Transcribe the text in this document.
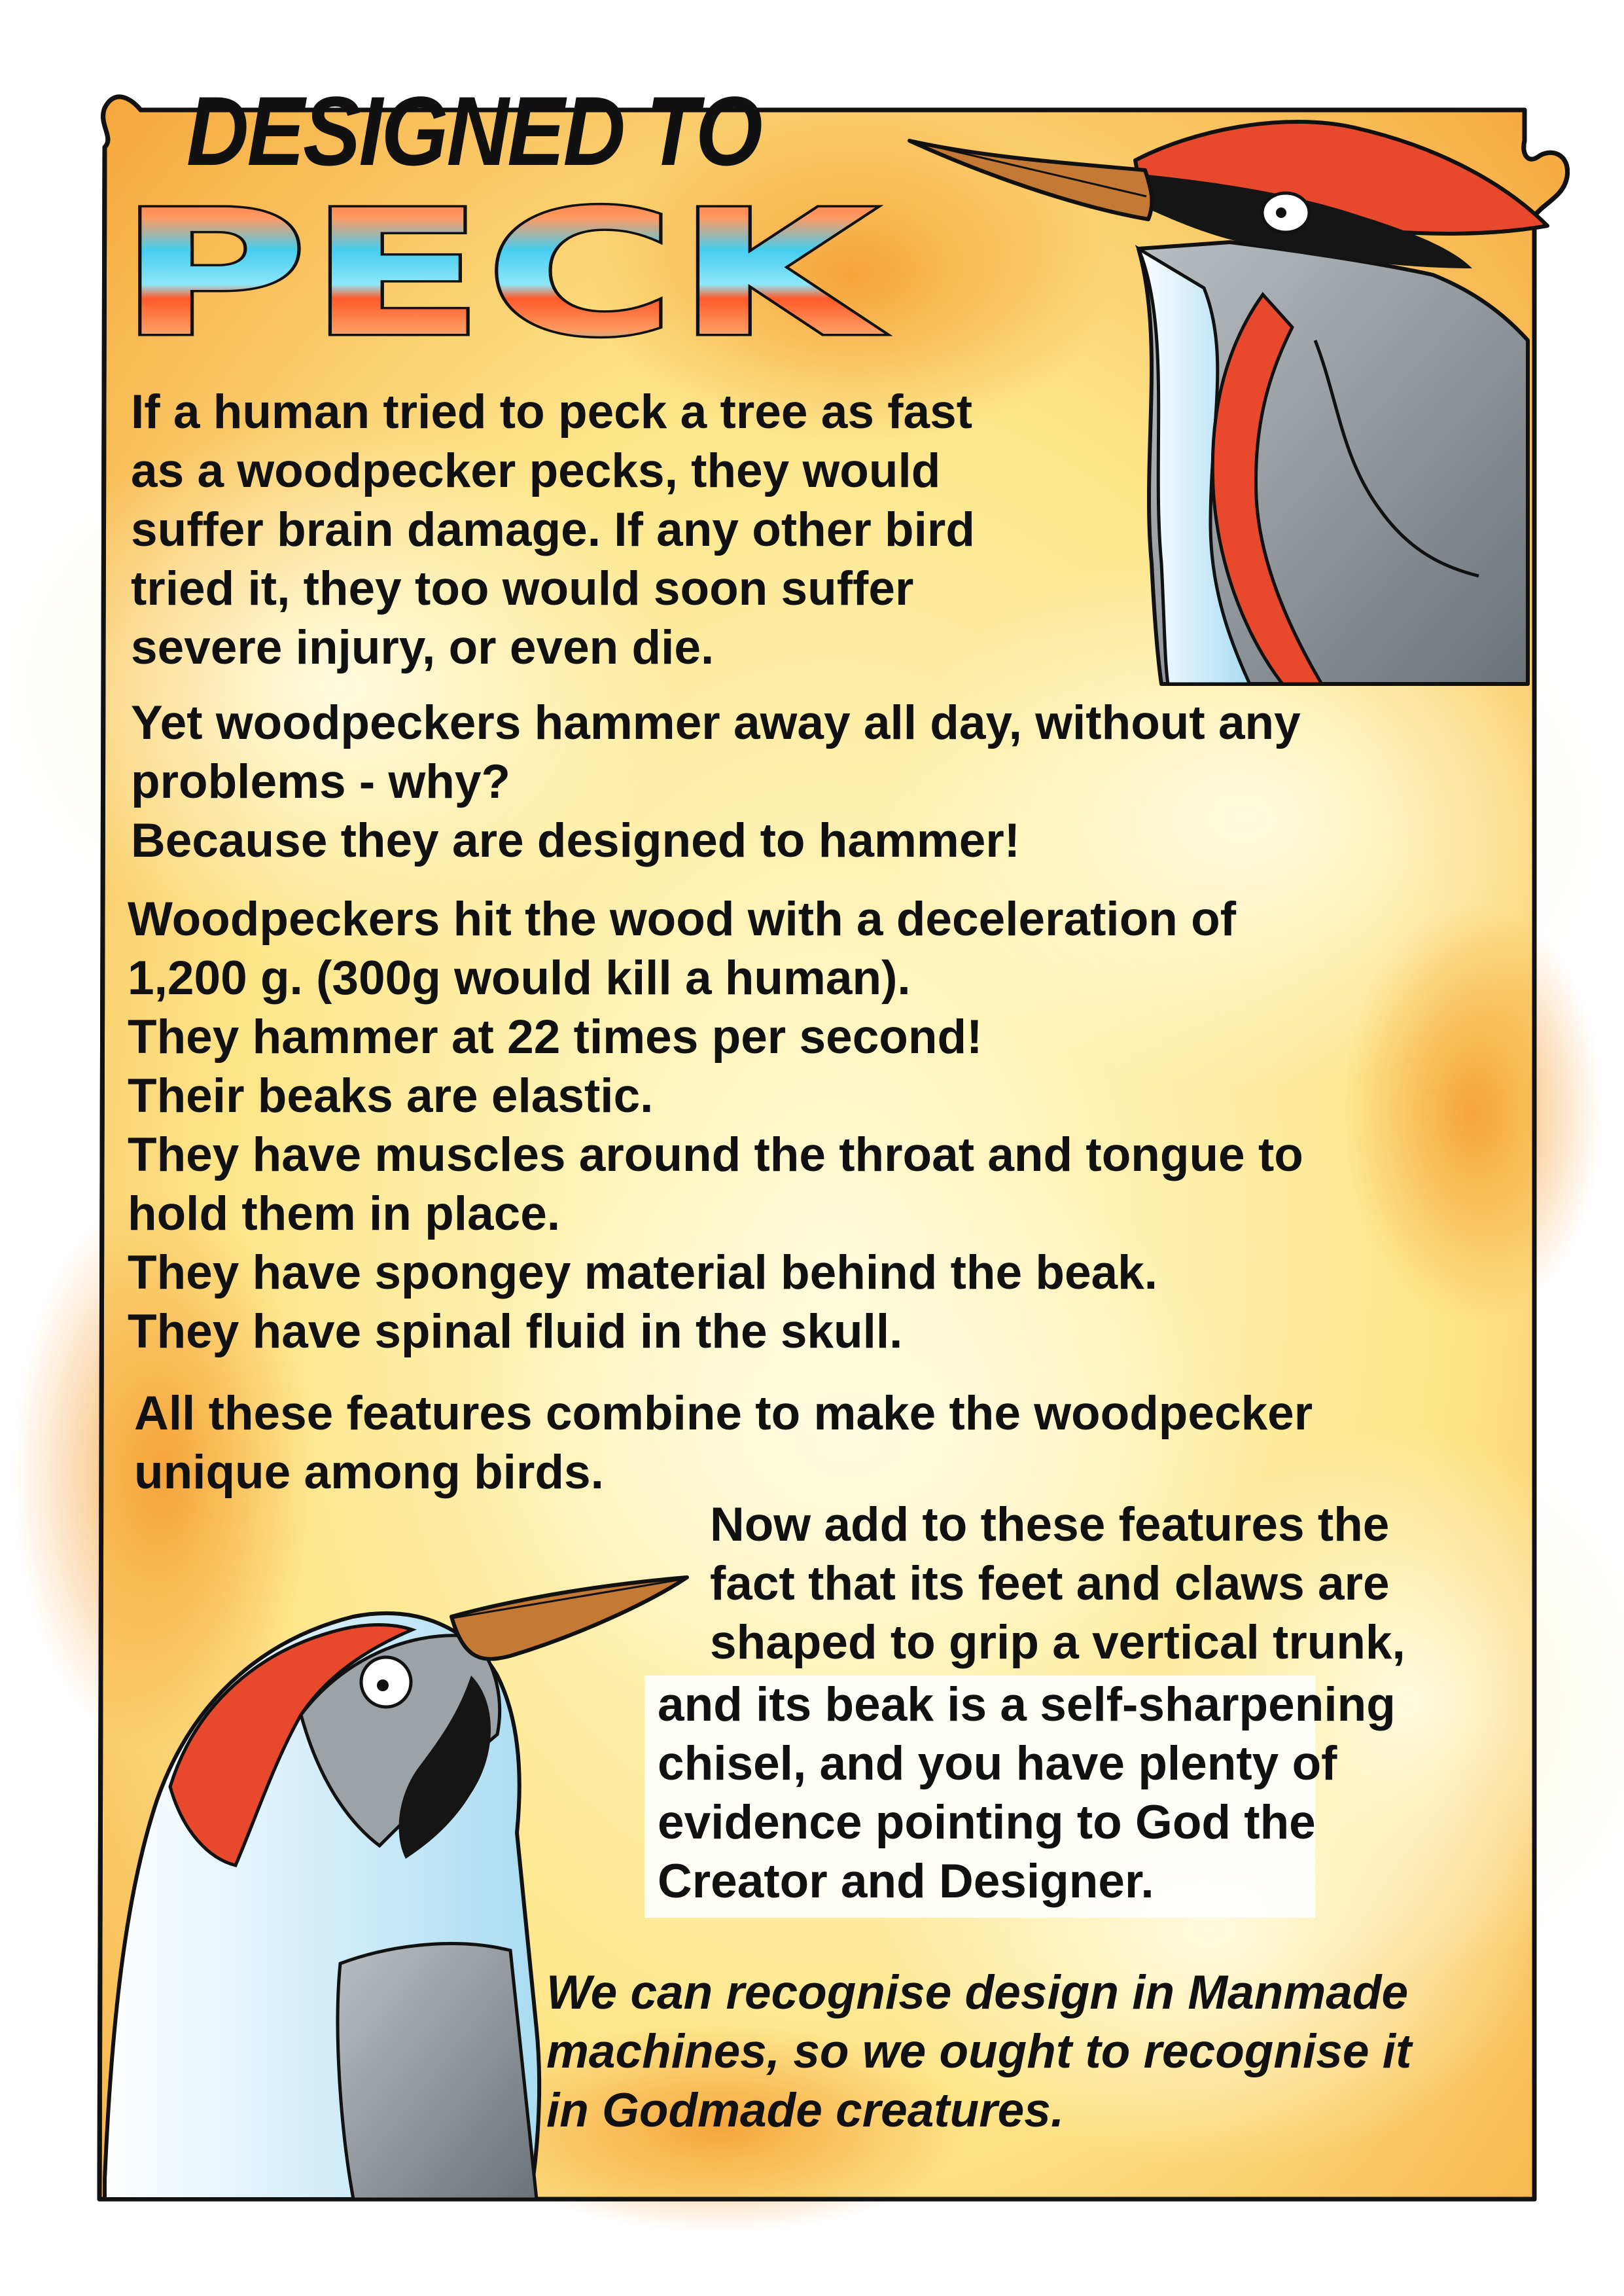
DESIGNED TO
PECK

If a human tried to peck a tree as fast
as a woodpecker pecks, they would
suffer brain damage. If any other bird
tried it, they too would soon suffer
severe injury, or even die.

Yet woodpeckers hammer away all day, without any
problems - why?
Because they are designed to hammer!

Woodpeckers hit the wood with a deceleration of
1,200 g. (300g would kill a human).
They hammer at 22 times per second!
Their beaks are elastic.
They have muscles around the throat and tongue to
hold them in place.
They have spongey material behind the beak.
They have spinal fluid in the skull.

All these features combine to make the woodpecker
unique among birds.

Now add to these features the
fact that its feet and claws are
shaped to grip a vertical trunk,

and its beak is a self-sharpening
chisel, and you have plenty of
evidence pointing to God the
Creator and Designer.

We can recognise design in Manmade
machines, so we ought to recognise it
in Godmade creatures.
